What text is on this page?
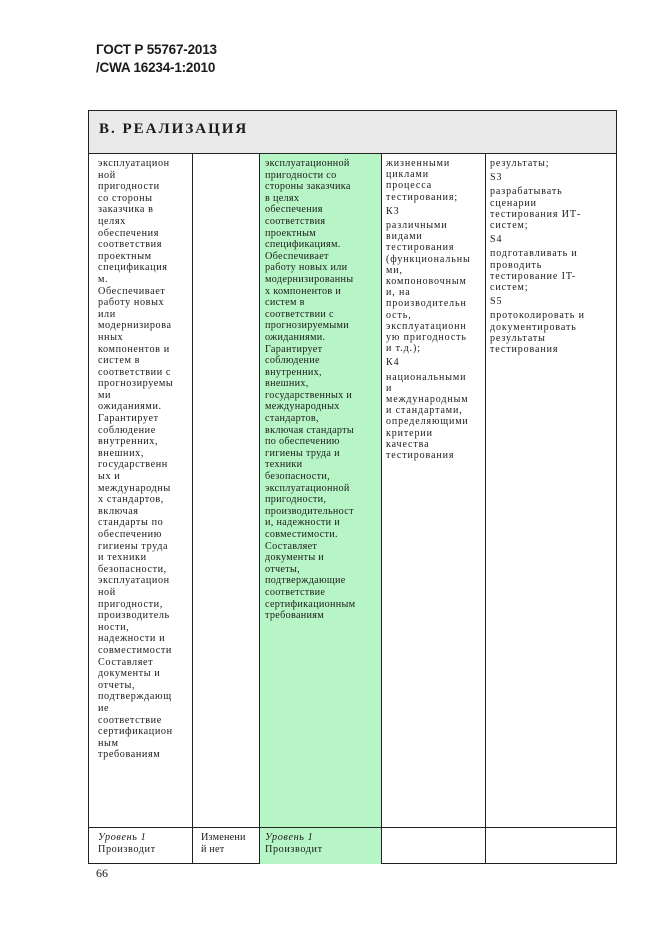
ГОСТ Р 55767-2013
/CWA 16234-1:2010
В. РЕАЛИЗАЦИЯ
эксплуатацион
ной
пригодности
со стороны
заказчика в
целях
обеспечения
соответствия
проектным
спецификация
м.
Обеспечивает
работу новых
или
модернизирова
нных
компонентов и
систем в
соответствии с
прогнозируемы
ми
ожиданиями.
Гарантирует
соблюдение
внутренних,
внешних,
государственн
ых и
международны
х стандартов,
включая
стандарты по
обеспечению
гигиены труда
и техники
безопасности,
эксплуатацион
ной
пригодности,
производитель
ности,
надежности и
совместимости
Составляет
документы и
отчеты,
подтверждающ
ие
соответствие
сертификацион
ным
требованиям
эксплуатационной
пригодности со
стороны заказчика
в целях
обеспечения
соответствия
проектным
спецификациям.
Обеспечивает
работу новых или
модернизированны
х компонентов и
систем в
соответствии с
прогнозируемыми
ожиданиями.
Гарантирует
соблюдение
внутренних,
внешних,
государственных и
международных
стандартов,
включая стандарты
по обеспечению
гигиены труда и
техники
безопасности,
эксплуатационной
пригодности,
производительност
и, надежности и
совместимости.
Составляет
документы и
отчеты,
подтверждающие
соответствие
сертификационным
требованиям
жизненными
циклами
процесса
тестирования;
К3
различными
видами
тестирования
(функциональны
ми,
компоновочным
и, на
производительн
ость,
эксплуатационн
ую пригодность
и т.д.);
К4
национальными
и
международным
и стандартами,
определяющими
критерии
качества
тестирования
результаты;
S3
разрабатывать
сценарии
тестирования ИТ-
систем;
S4
подготавливать и
проводить
тестирование IT-
систем;
S5
протоколировать и
документировать
результаты
тестирования
Уровень 1
Производит
Изменени
й нет
Уровень 1
Производит
66
